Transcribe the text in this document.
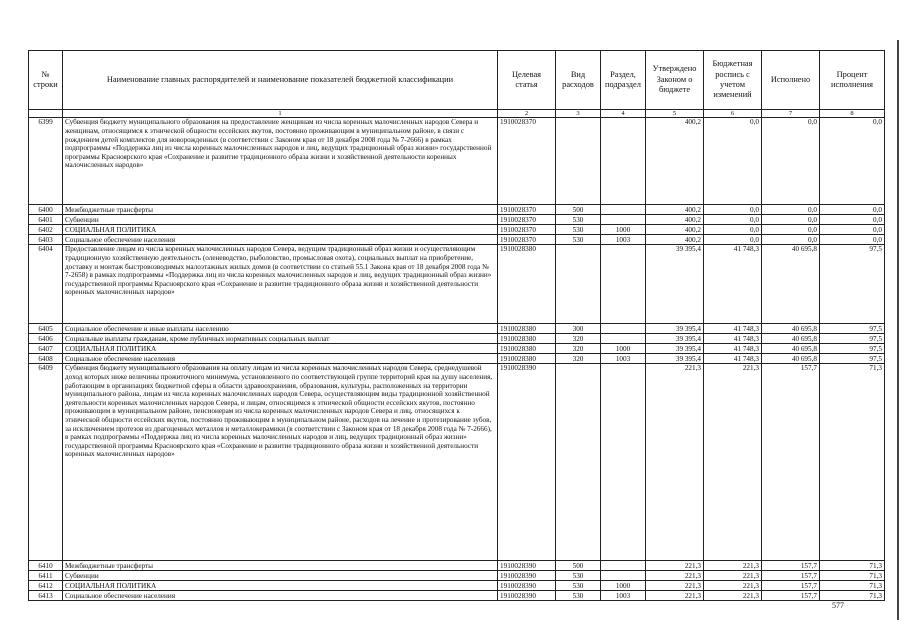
№ строки	Наименование главных распорядителей и наименование показателей бюджетной классификации	Целевая статья	Вид расходов	Раздел, подраздел	Утверждено Законом о бюджете	Бюджетная роспись с учетом изменений	Исполнено	Процент исполнения
	1	2	3	4	5	6	7	8
6399	Субвенция бюджету муниципального образования на предоставление женщинам из числа коренных малочисленных народов Севера и женщинам, относящимся к этнической общности ессейских якутов, постоянно проживающим в муниципальном районе, в связи с рождением детей комплектов для новорожденных (в соответствии с Законом края от 18 декабря 2008 года № 7-2666) в рамках подпрограммы «Поддержка лиц из числа коренных малочисленных народов и лиц, ведущих традиционный образ жизни» государственной программы Красноярского края «Сохранение и развитие традиционного образа жизни и хозяйственной деятельности коренных малочисленных народов»	1910028370			400,2	0,0	0,0	0,0
6400	Межбюджетные трансферты	1910028370	500		400,2	0,0	0,0	0,0
6401	Субвенции	1910028370	530		400,2	0,0	0,0	0,0
6402	СОЦИАЛЬНАЯ ПОЛИТИКА	1910028370	530	1000	400,2	0,0	0,0	0,0
6403	Социальное обеспечение населения	1910028370	530	1003	400,2	0,0	0,0	0,0
6404	Предоставление лицам из числа коренных малочисленных народов Севера, ведущим традиционный образ жизни и осуществляющим традиционную хозяйственную деятельность (оленеводство, рыболовство, промысловая охота), социальных выплат на приобретение, доставку и монтаж быстровозводимых малоэтажных жилых домов (в соответствии со статьей 55.1 Закона края от 18 декабря 2008 года № 7-2658) в рамках подпрограммы «Поддержка лиц из числа коренных малочисленных народов и лиц, ведущих традиционный образ жизни» государственной программы Красноярского края «Сохранение и развитие традиционного образа жизни и хозяйственной деятельности коренных малочисленных народов»	1910028380			39 395,4	41 748,3	40 695,8	97,5
6405	Социальное обеспечение и иные выплаты населению	1910028380	300		39 395,4	41 748,3	40 695,8	97,5
6406	Социальные выплаты гражданам, кроме публичных нормативных социальных выплат	1910028380	320		39 395,4	41 748,3	40 695,8	97,5
6407	СОЦИАЛЬНАЯ ПОЛИТИКА	1910028380	320	1000	39 395,4	41 748,3	40 695,8	97,5
6408	Социальное обеспечение населения	1910028380	320	1003	39 395,4	41 748,3	40 695,8	97,5
6409	Субвенция бюджету муниципального образования на оплату лицам из числа коренных малочисленных народов Севера, среднедушевой доход которых ниже величины прожиточного минимума, установленного по соответствующей группе территорий края на душу населения, работающим в организациях бюджетной сферы в области здравоохранения, образования, культуры, расположенных на территории муниципального района, лицам из числа коренных малочисленных народов Севера, осуществляющим виды традиционной хозяйственной деятельности коренных малочисленных народов Севера, и лицам, относящимся к этнической общности ессейских якутов, постоянно проживающим в муниципальном районе, пенсионерам из числа коренных малочисленных народов Севера и лиц, относящихся к этнической общности ессейских якутов, постоянно проживающим в муниципальном районе, расходов на лечение и протезирование зубов, за исключением протезов из драгоценных металлов и металлокерамики (в соответствии с Законом края от 18 декабря 2008 года № 7-2666), в рамках подпрограммы «Поддержка лиц из числа коренных малочисленных народов и лиц, ведущих традиционный образ жизни» государственной программы Красноярского края «Сохранение и развитие традиционного образа жизни и хозяйственной деятельности коренных малочисленных народов»	1910028390			221,3	221,3	157,7	71,3
6410	Межбюджетные трансферты	1910028390	500		221,3	221,3	157,7	71,3
6411	Субвенции	1910028390	530		221,3	221,3	157,7	71,3
6412	СОЦИАЛЬНАЯ ПОЛИТИКА	1910028390	530	1000	221,3	221,3	157,7	71,3
6413	Социальное обеспечение населения	1910028390	530	1003	221,3	221,3	157,7	71,3
577
